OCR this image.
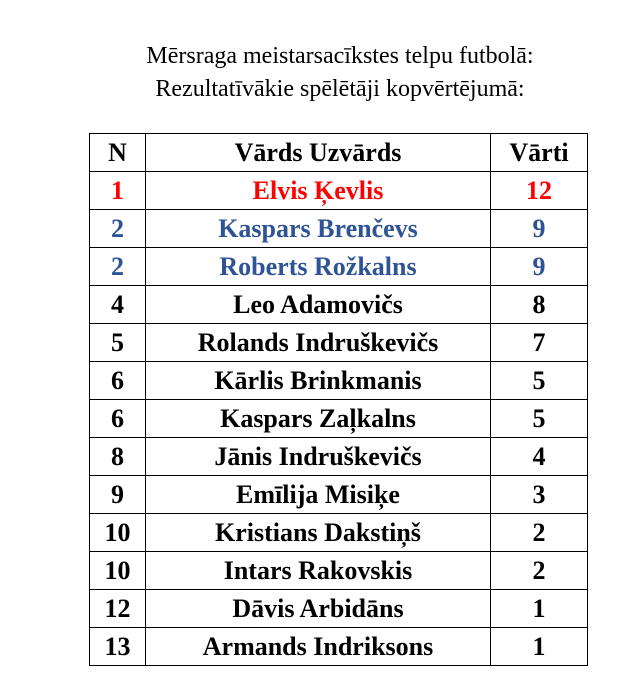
Mērsraga meistarsacīkstes telpu futbolā:
Rezultatīvākie spēlētāji kopvērtējumā:
N	Vārds Uzvārds	Vārti
1	Elvis Ķevlis	12
2	Kaspars Brenčevs	9
2	Roberts Rožkalns	9
4	Leo Adamovičs	8
5	Rolands Indruškevičs	7
6	Kārlis Brinkmanis	5
6	Kaspars Zaļkalns	5
8	Jānis Indruškevičs	4
9	Emīlija Misiķe	3
10	Kristians Dakstiņš	2
10	Intars Rakovskis	2
12	Dāvis Arbidāns	1
13	Armands Indriksons	1
